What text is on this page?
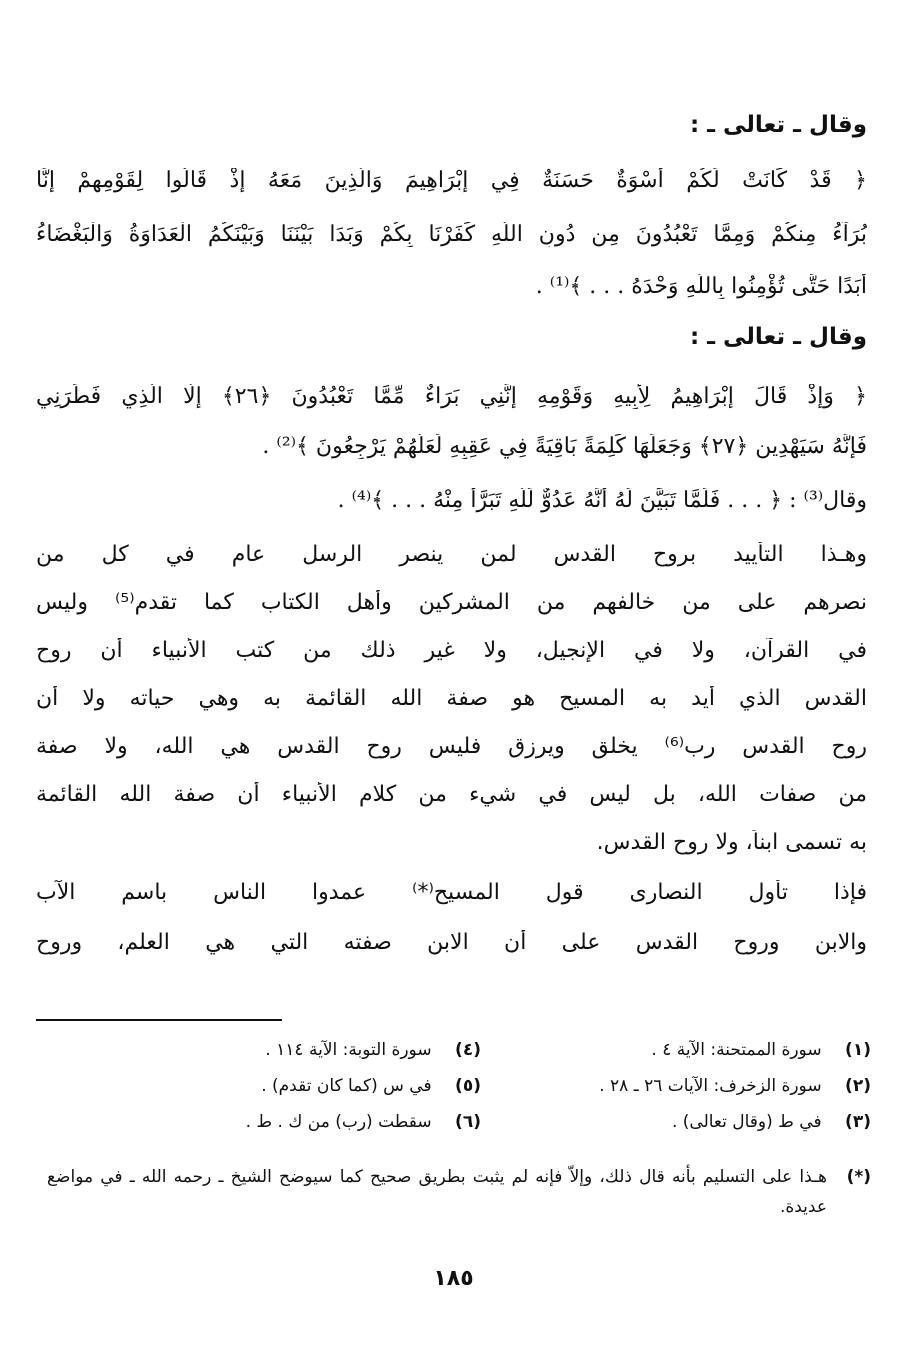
وقال ـ تعالى ـ :

﴿ قَدْ كَانَتْ لَكُمْ أُسْوَةٌ حَسَنَةٌ فِي إِبْرَاهِيمَ وَالَّذِينَ مَعَهُ إِذْ قَالُوا لِقَوْمِهِمْ إِنَّا

بُرَآءُ مِنكُمْ وَمِمَّا تَعْبُدُونَ مِن دُونِ اللَّهِ كَفَرْنَا بِكُمْ وَبَدَا بَيْنَنَا وَبَيْنَكُمُ الْعَدَاوَةُ وَالْبَغْضَاءُ

أَبَدًا حَتَّى تُؤْمِنُوا بِاللَّهِ وَحْدَهُ . . . ﴾⁽¹⁾ .

وقال ـ تعالى ـ :

﴿ وَإِذْ قَالَ إِبْرَاهِيمُ لِأَبِيهِ وَقَوْمِهِ إِنَّنِي بَرَاءٌ مِّمَّا تَعْبُدُونَ ﴿٢٦﴾ إِلَّا الَّذِي فَطَرَنِي

فَإِنَّهُ سَيَهْدِينِ ﴿٢٧﴾ وَجَعَلَهَا كَلِمَةً بَاقِيَةً فِي عَقِبِهِ لَعَلَّهُمْ يَرْجِعُونَ ﴾⁽²⁾ .

وقال⁽³⁾ : ﴿ . . . فَلَمَّا تَبَيَّنَ لَهُ أَنَّهُ عَدُوٌّ لِّلَّهِ تَبَرَّأَ مِنْهُ . . . ﴾⁽⁴⁾ .

وهـذا التأييد بروح القدس لمن ينصر الرسل عام في كل من

نصرهم على من خالفهم من المشركين وأهل الكتاب كما تقدم⁽⁵⁾ وليس

في القرآن، ولا في الإنجيل، ولا غير ذلك من كتب الأنبياء أن روح

القدس الذي أيد به المسيح هو صفة الله القائمة به وهي حياته ولا أن

روح القدس رب⁽⁶⁾ يخلق ويرزق فليس روح القدس هي الله، ولا صفة

من صفات الله، بل ليس في شيء من كلام الأنبياء أن صفة الله القائمة

به تسمى ابناً، ولا روح القدس.

فإذا تأول النصارى قول المسيح⁽*⁾ عمدوا الناس باسم الآب

والابن وروح القدس على أن الابن صفته التي هي العلم، وروح

(١) سورة الممتحنة: الآية ٤ .
(٤) سورة التوبة: الآية ١١٤ .
(٢) سورة الزخرف: الآيات ٢٦ ـ ٢٨ .
(٥) في س (كما كان تقدم) .
(٣) في ط (وقال تعالى) .
(٦) سقطت (رب) من ك . ط .
(*)هـذا على التسليم بأنه قال ذلك، وإلاّ فإنه لم يثبت بطريق صحيح كما سيوضح الشيخ ـ رحمه الله ـ في مواضع عديدة.
١٨٥
